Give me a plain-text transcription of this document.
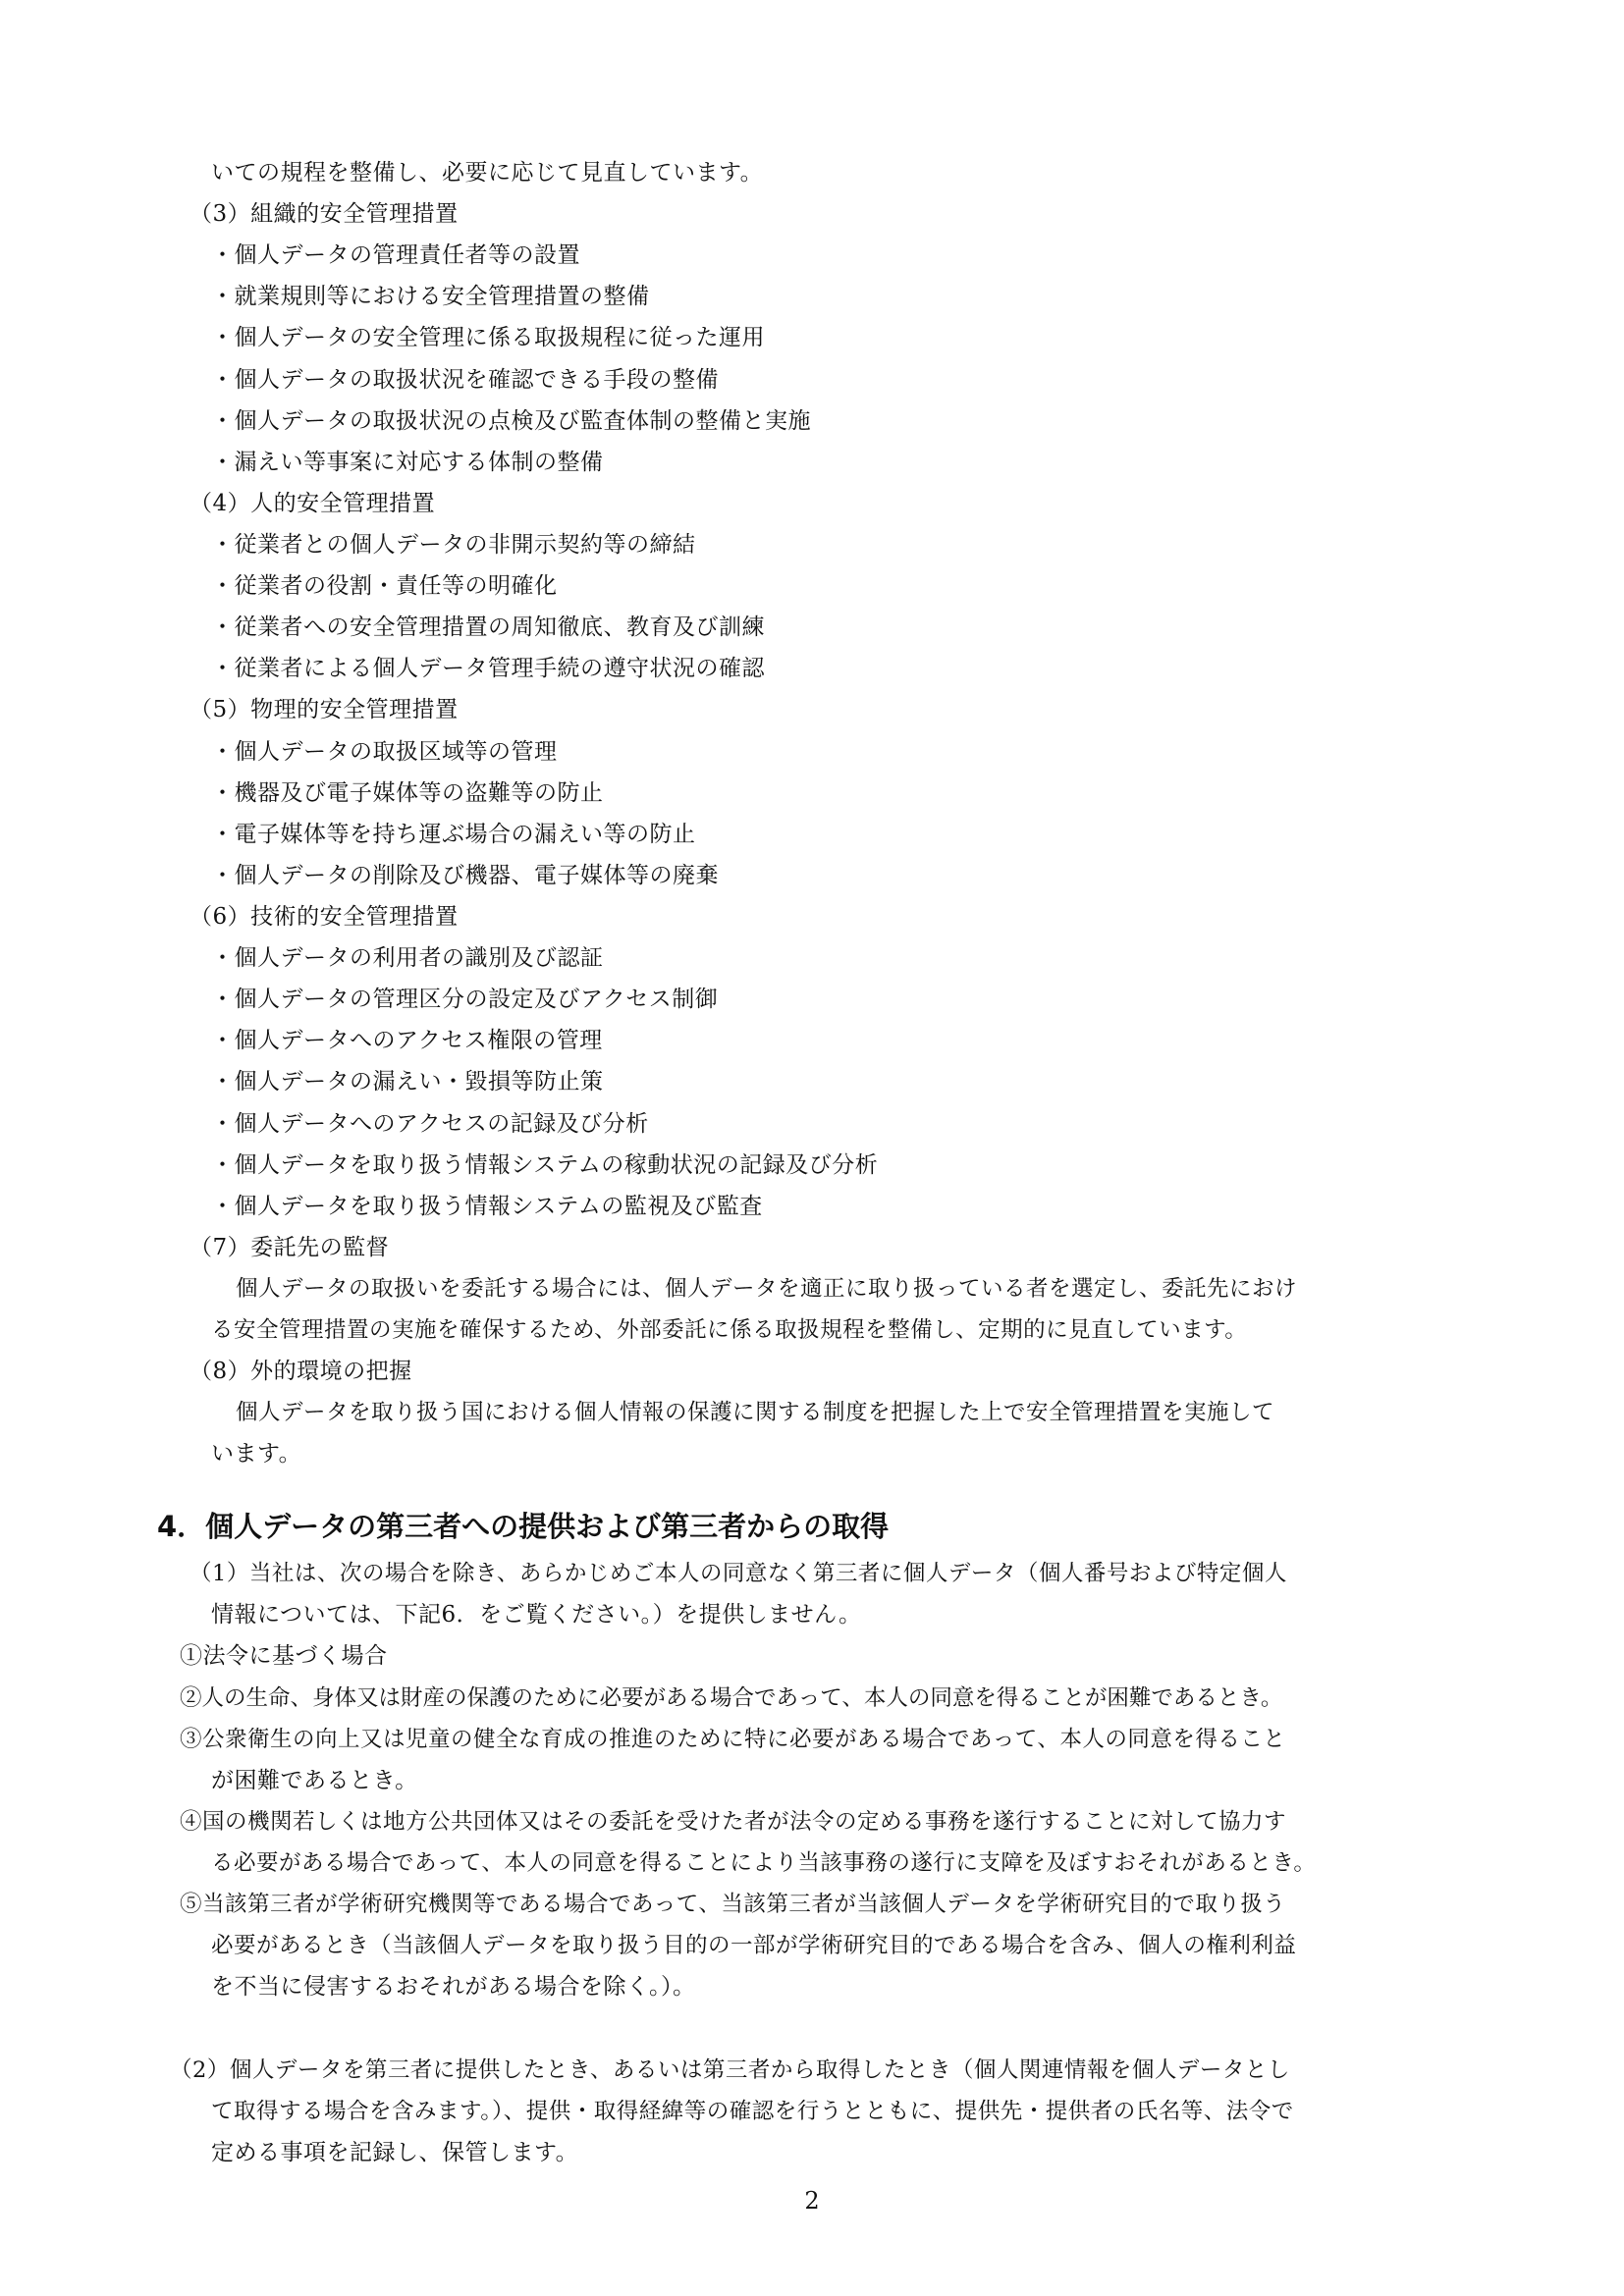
いての規程を整備し、必要に応じて見直しています。
（3）組織的安全管理措置
・個人データの管理責任者等の設置
・就業規則等における安全管理措置の整備
・個人データの安全管理に係る取扱規程に従った運用
・個人データの取扱状況を確認できる手段の整備
・個人データの取扱状況の点検及び監査体制の整備と実施
・漏えい等事案に対応する体制の整備
（4）人的安全管理措置
・従業者との個人データの非開示契約等の締結
・従業者の役割・責任等の明確化
・従業者への安全管理措置の周知徹底、教育及び訓練
・従業者による個人データ管理手続の遵守状況の確認
（5）物理的安全管理措置
・個人データの取扱区域等の管理
・機器及び電子媒体等の盗難等の防止
・電子媒体等を持ち運ぶ場合の漏えい等の防止
・個人データの削除及び機器、電子媒体等の廃棄
（6）技術的安全管理措置
・個人データの利用者の識別及び認証
・個人データの管理区分の設定及びアクセス制御
・個人データへのアクセス権限の管理
・個人データの漏えい・毀損等防止策
・個人データへのアクセスの記録及び分析
・個人データを取り扱う情報システムの稼動状況の記録及び分析
・個人データを取り扱う情報システムの監視及び監査
（7）委託先の監督
個人データの取扱いを委託する場合には、個人データを適正に取り扱っている者を選定し、委託先におけ
る安全管理措置の実施を確保するため、外部委託に係る取扱規程を整備し、定期的に見直しています。
（8）外的環境の把握
個人データを取り扱う国における個人情報の保護に関する制度を把握した上で安全管理措置を実施して
います。
4．個人データの第三者への提供および第三者からの取得
（1）当社は、次の場合を除き、あらかじめご本人の同意なく第三者に個人データ（個人番号および特定個人
情報については、下記6．をご覧ください。）を提供しません。
①法令に基づく場合
②人の生命、身体又は財産の保護のために必要がある場合であって、本人の同意を得ることが困難であるとき。
③公衆衛生の向上又は児童の健全な育成の推進のために特に必要がある場合であって、本人の同意を得ること
が困難であるとき。
④国の機関若しくは地方公共団体又はその委託を受けた者が法令の定める事務を遂行することに対して協力す
る必要がある場合であって、本人の同意を得ることにより当該事務の遂行に支障を及ぼすおそれがあるとき。
⑤当該第三者が学術研究機関等である場合であって、当該第三者が当該個人データを学術研究目的で取り扱う
必要があるとき（当該個人データを取り扱う目的の一部が学術研究目的である場合を含み、個人の権利利益
を不当に侵害するおそれがある場合を除く。）。
（2）個人データを第三者に提供したとき、あるいは第三者から取得したとき（個人関連情報を個人データとし
て取得する場合を含みます。）、提供・取得経緯等の確認を行うとともに、提供先・提供者の氏名等、法令で
定める事項を記録し、保管します。
2
